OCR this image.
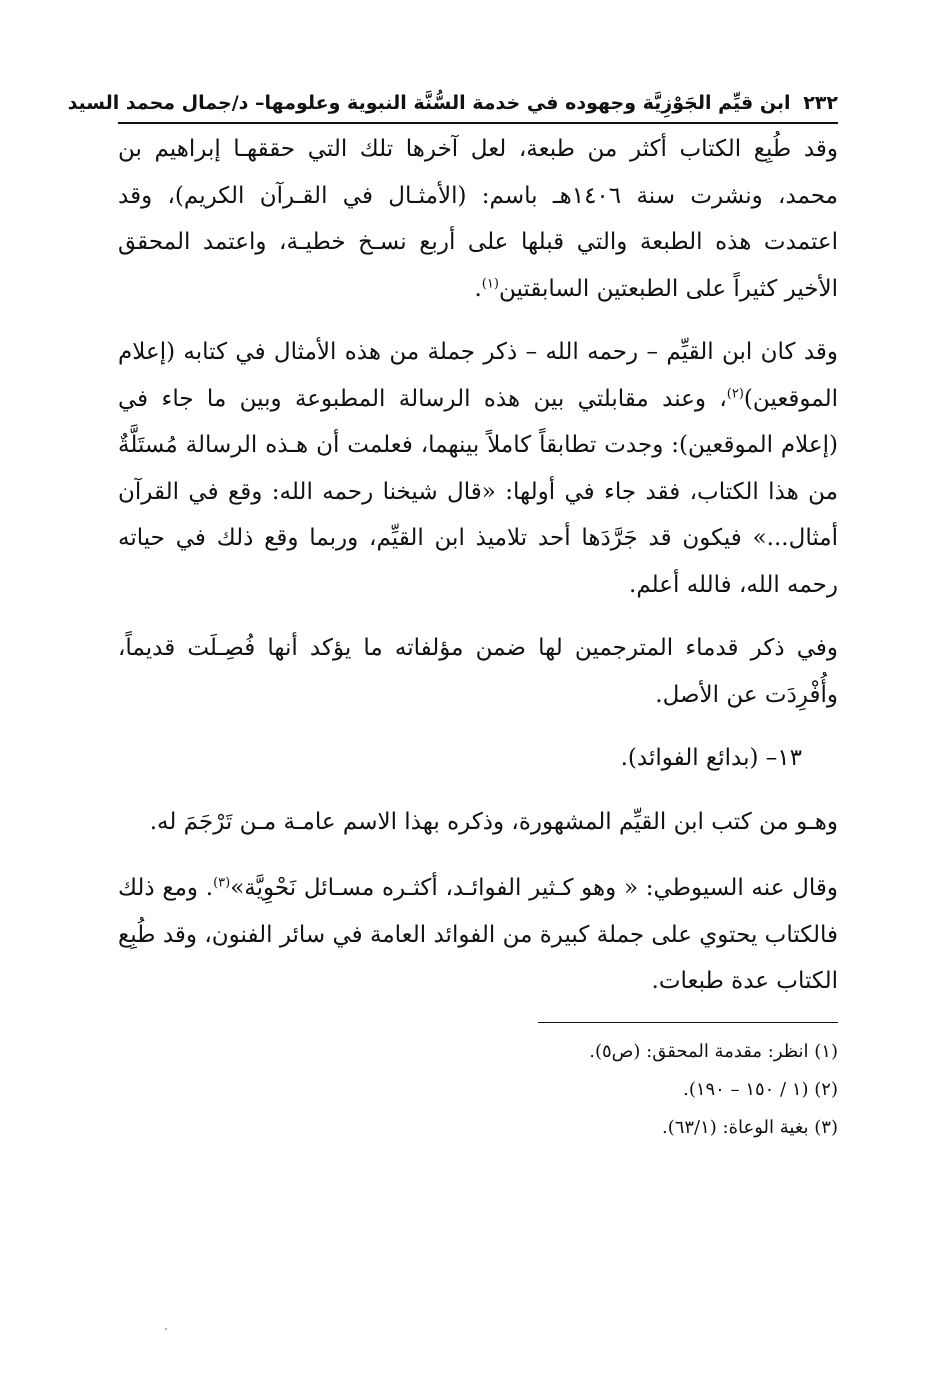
٢٣٢ ابن قيِّم الجَوْزِيَّة وجهوده في خدمة السُّنَّة النبوية وعلومها– د/جمال محمد السيد

وقد طُبِع الكتاب أكثر من طبعة، لعل آخرها تلك التي حققهـا إبراهيم بن محمد، ونشرت سنة ١٤٠٦هـ باسم: (الأمثـال في القـرآن الكريم)، وقد اعتمدت هذه الطبعة والتي قبلها على أربع نسـخ خطيـة، واعتمد المحقق الأخير كثيراً على الطبعتين السابقتين$^{(١)}$.

وقد كان ابن القيِّم – رحمه الله – ذكر جملة من هذه الأمثال في كتابه (إعلام الموقعين)$^{(٢)}$، وعند مقابلتي بين هذه الرسالة المطبوعة وبين ما جاء في (إعلام الموقعين): وجدت تطابقاً كاملاً بينهما، فعلمت أن هـذه الرسالة مُستَلَّةٌ من هذا الكتاب، فقد جاء في أولها: «قال شيخنا رحمه الله: وقع في القرآن أمثال...» فيكون قد جَرَّدَها أحد تلاميذ ابن القيِّم، وربما وقع ذلك في حياته رحمه الله، فالله أعلم.

وفي ذكر قدماء المترجمين لها ضمن مؤلفاته ما يؤكد أنها فُصِـلَت قديماً، وأُفْرِدَت عن الأصل.

١٣– (بدائع الفوائد).

وهـو من كتب ابن القيِّم المشهورة، وذكره بهذا الاسم عامـة مـن تَرْجَمَ له.

وقال عنه السيوطي: « وهو كـثير الفوائـد، أكثـره مسـائل نَحْوِيَّة»$^{(٣)}$. ومع ذلك فالكتاب يحتوي على جملة كبيرة من الفوائد العامة في سائر الفنون، وقد طُبِع الكتاب عدة طبعات.

(١) انظر: مقدمة المحقق: (ص٥).

(٢) (١ / ١٥٠ – ١٩٠).

(٣) بغية الوعاة: (٦٣/١).
